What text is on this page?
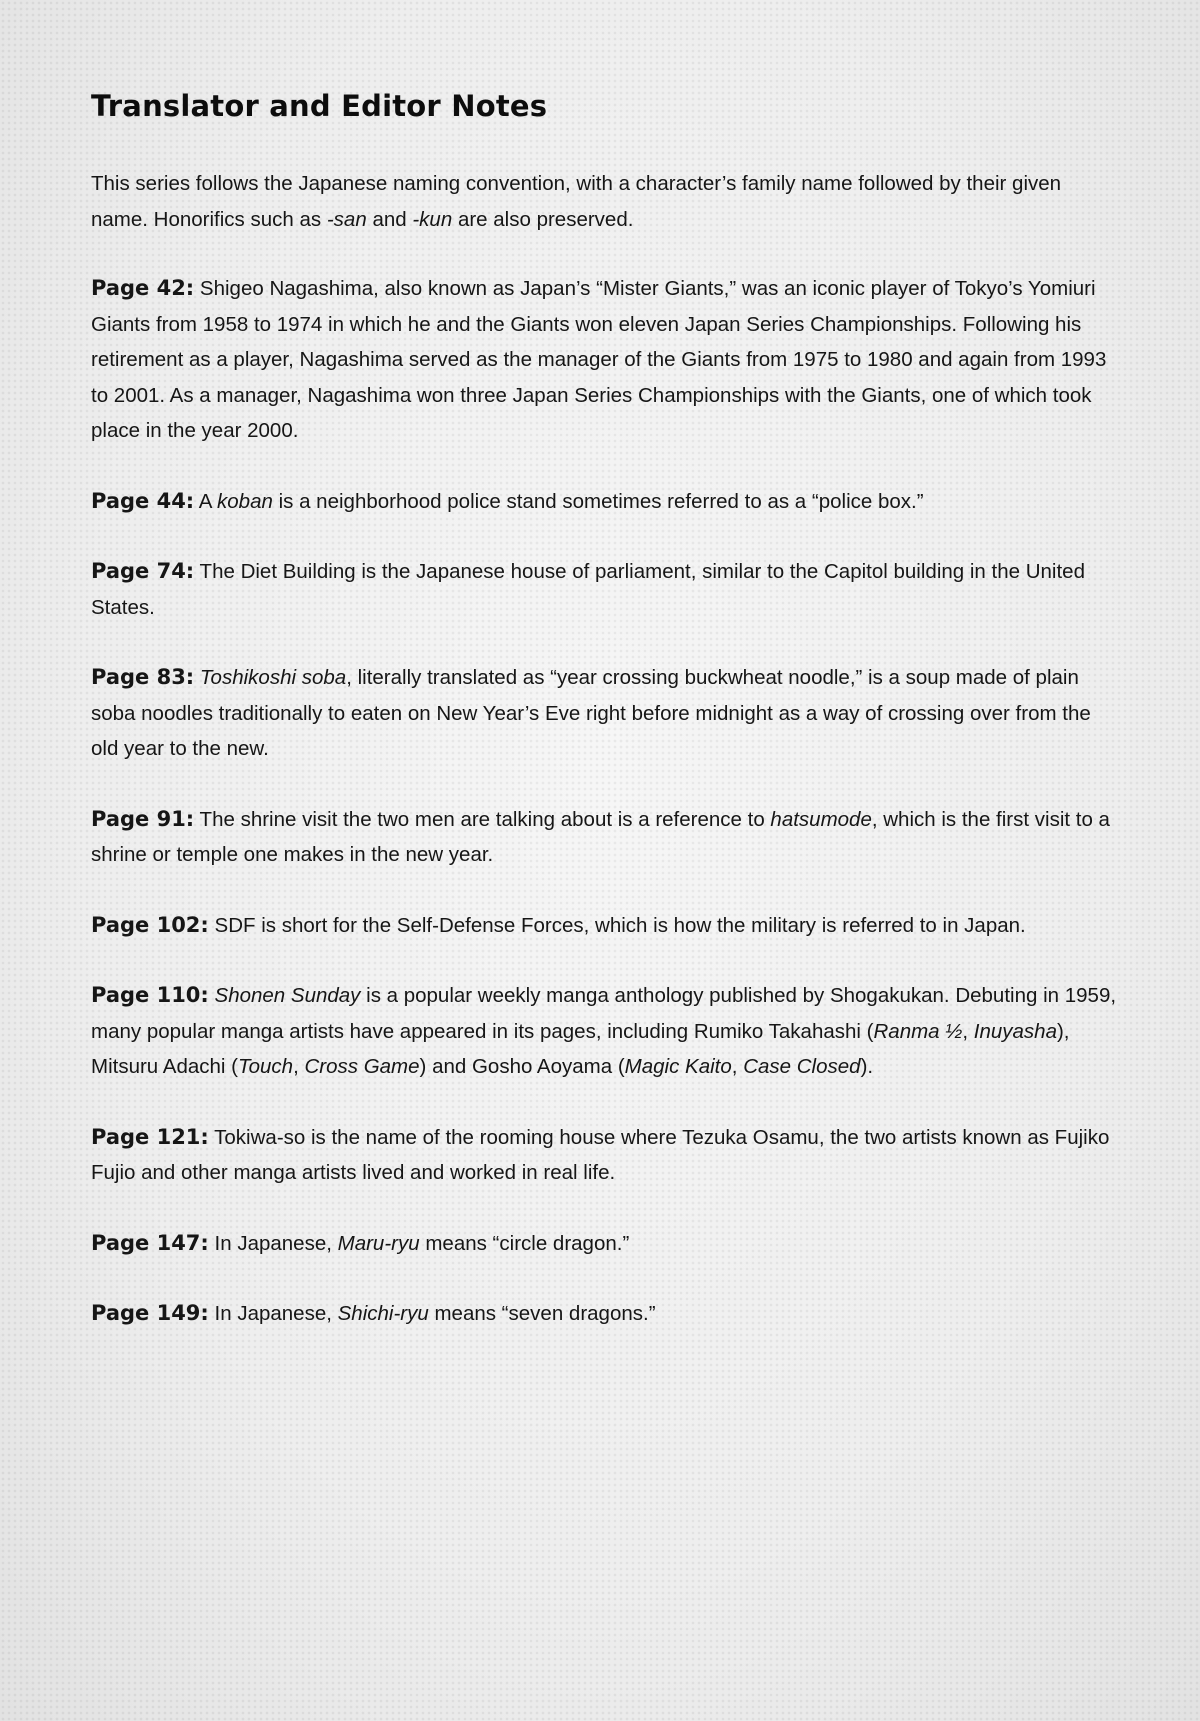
Translator and Editor Notes

This series follows the Japanese naming convention, with a character’s family name followed by their given name. Honorifics such as -san and -kun are also preserved.

Page 42: Shigeo Nagashima, also known as Japan’s “Mister Giants,” was an iconic player of Tokyo’s Yomiuri Giants from 1958 to 1974 in which he and the Giants won eleven Japan Series Championships. Following his retirement as a player, Nagashima served as the manager of the Giants from 1975 to 1980 and again from 1993 to 2001. As a manager, Nagashima won three Japan Series Championships with the Giants, one of which took place in the year 2000.

Page 44: A koban is a neighborhood police stand sometimes referred to as a “police box.”

Page 74: The Diet Building is the Japanese house of parliament, similar to the Capitol building in the United States.

Page 83: Toshikoshi soba, literally translated as “year crossing buckwheat noodle,” is a soup made of plain soba noodles traditionally to eaten on New Year’s Eve right before midnight as a way of crossing over from the old year to the new.

Page 91: The shrine visit the two men are talking about is a reference to hatsumode, which is the first visit to a shrine or temple one makes in the new year.

Page 102: SDF is short for the Self-Defense Forces, which is how the military is referred to in Japan.

Page 110: Shonen Sunday is a popular weekly manga anthology published by Shogakukan. Debuting in 1959, many popular manga artists have appeared in its pages, including Rumiko Takahashi (Ranma ½, Inuyasha), Mitsuru Adachi (Touch, Cross Game) and Gosho Aoyama (Magic Kaito, Case Closed).

Page 121: Tokiwa-so is the name of the rooming house where Tezuka Osamu, the two artists known as Fujiko Fujio and other manga artists lived and worked in real life.

Page 147: In Japanese, Maru-ryu means “circle dragon.”

Page 149: In Japanese, Shichi-ryu means “seven dragons.”
